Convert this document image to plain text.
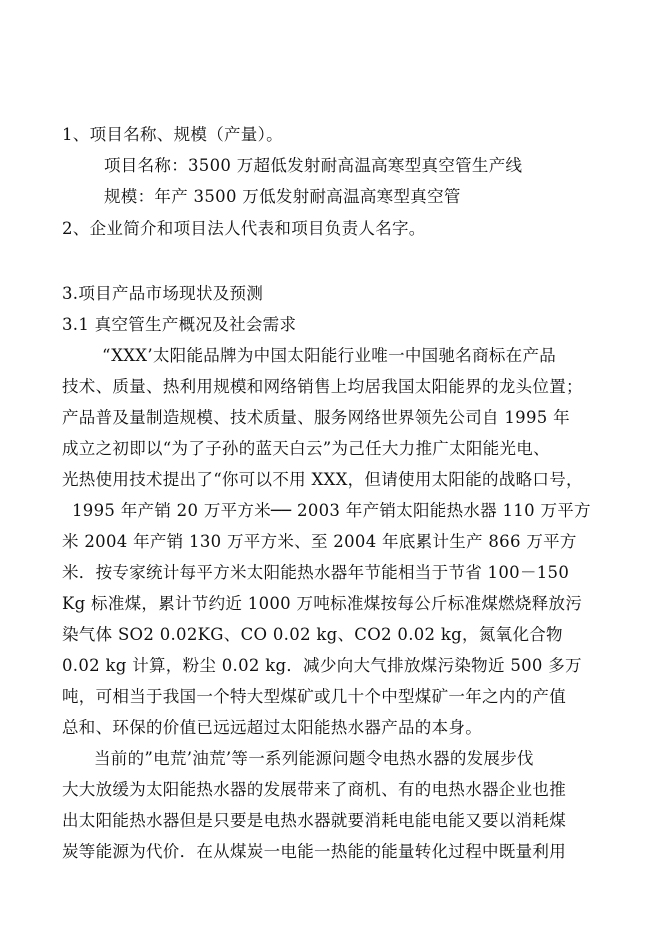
1、项目名称、规模（产量）。
项目名称：3500 万超低发射耐高温高寒型真空管生产线
规模：年产 3500 万低发射耐高温高寒型真空管
2、企业简介和项目法人代表和项目负责人名字。
3.项目产品市场现状及预测
3.1 真空管生产概况及社会需求
“XXX’太阳能品牌为中国太阳能行业唯一中国驰名商标在产品
技术、质量、热利用规模和网络销售上均居我国太阳能界的龙头位置；
产品普及量制造规模、技术质量、服务网络世界领先公司自 1995 年
成立之初即以“为了子孙的蓝天白云”为己任大力推广太阳能光电、
光热使用技术提出了“你可以不用 XXX，但请使用太阳能的战略口号，
1995 年产销 20 万平方米── 2003 年产销太阳能热水器 110 万平方
米 2004 年产销 130 万平方米、至 2004 年底累计生产 866 万平方
米．按专家统计每平方米太阳能热水器年节能相当于节省 100－150
Kg 标准煤，累计节约近 1000 万吨标准煤按每公斤标准煤燃烧释放污
染气体 SO2 0.02KG、CO 0.02 kg、CO2 0.02 kg，氮氧化合物
0.02 kg 计算，粉尘 0.02 kg．减少向大气排放煤污染物近 500 多万
吨，可相当于我国一个特大型煤矿或几十个中型煤矿一年之内的产值
总和、环保的价值已远远超过太阳能热水器产品的本身。
当前的”电荒’油荒’等一系列能源问题令电热水器的发展步伐
大大放缓为太阳能热水器的发展带来了商机、有的电热水器企业也推
出太阳能热水器但是只要是电热水器就要消耗电能电能又要以消耗煤
炭等能源为代价．在从煤炭一电能一热能的能量转化过程中既量利用
